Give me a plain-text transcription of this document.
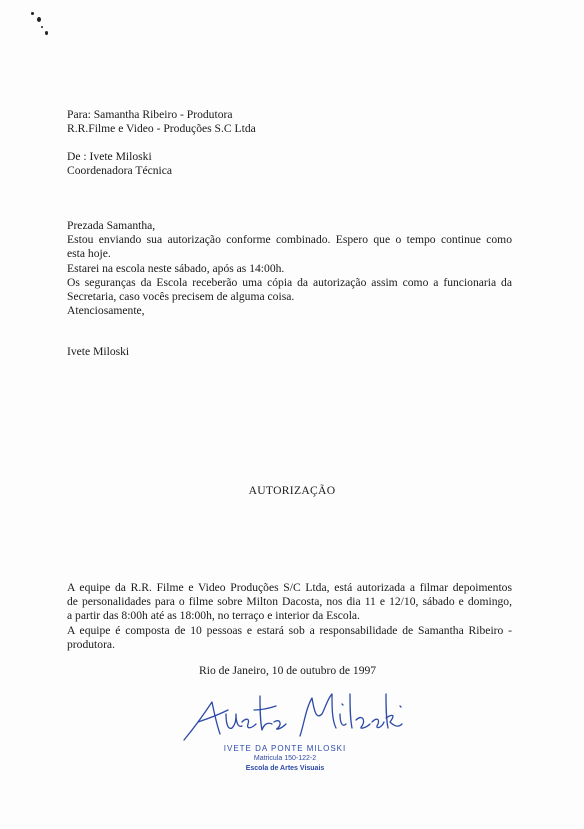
Para: Samantha Ribeiro - Produtora
R.R.Filme e Video - Produções S.C Ltda
De : Ivete Miloski
Coordenadora Técnica
Prezada Samantha,
Estou enviando sua autorização conforme combinado. Espero que o tempo continue como
esta hoje.
Estarei na escola neste sábado, após as 14:00h.
Os seguranças da Escola receberão uma cópia da autorização assim como a funcionaria da
Secretaria, caso vocês precisem de alguma coisa.
Atenciosamente,
Ivete Miloski
AUTORIZAÇÃO
A equipe da R.R. Filme e Video Produções S/C Ltda, está autorizada a filmar depoimentos
de personalidades para o filme sobre Milton Dacosta, nos dia 11 e 12/10, sábado e domingo,
a partir das 8:00h até as 18:00h, no terraço e interior da Escola.
A equipe é composta de 10 pessoas e estará sob a responsabilidade de Samantha Ribeiro -
produtora.
Rio de Janeiro, 10 de outubro de 1997
IVETE DA PONTE MILOSKI
Matricula 150-122-2
Escola de Artes Visuais
